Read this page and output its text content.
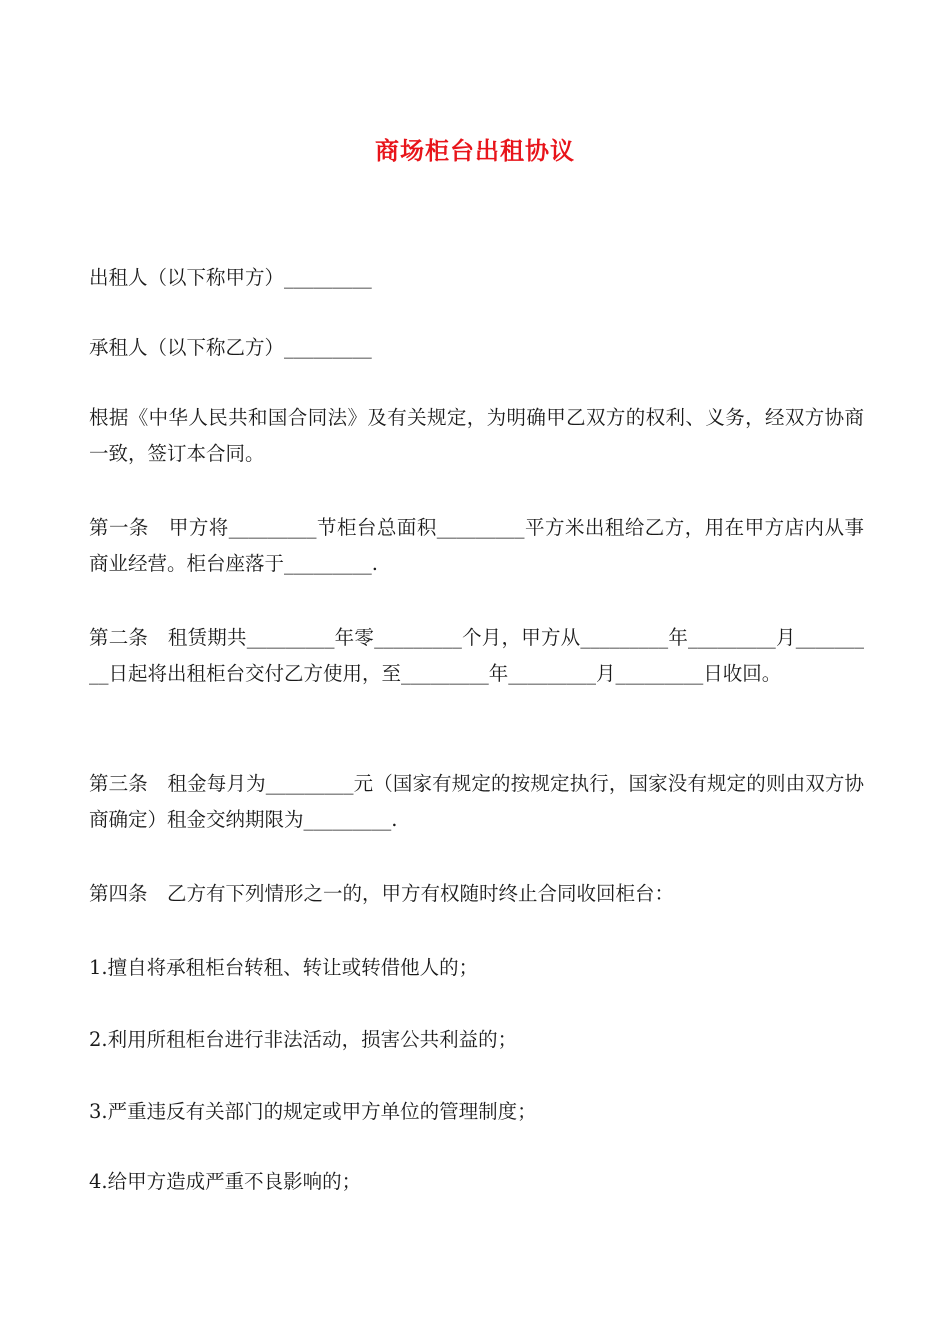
商场柜台出租协议

出租人（以下称甲方）_________

承租人（以下称乙方）_________

根据《中华人民共和国合同法》及有关规定，为明确甲乙双方的权利、义务，经双方协商一致，签订本合同。

第一条　甲方将_________节柜台总面积_________平方米出租给乙方，用在甲方店内从事商业经营。柜台座落于_________.

第二条　租赁期共_________年零_________个月，甲方从_________年_________月_________日起将出租柜台交付乙方使用，至_________年_________月_________日收回。

第三条　租金每月为_________元（国家有规定的按规定执行，国家没有规定的则由双方协商确定）租金交纳期限为_________.

第四条　乙方有下列情形之一的，甲方有权随时终止合同收回柜台：

1.擅自将承租柜台转租、转让或转借他人的；

2.利用所租柜台进行非法活动，损害公共利益的；

3.严重违反有关部门的规定或甲方单位的管理制度；

4.给甲方造成严重不良影响的；
